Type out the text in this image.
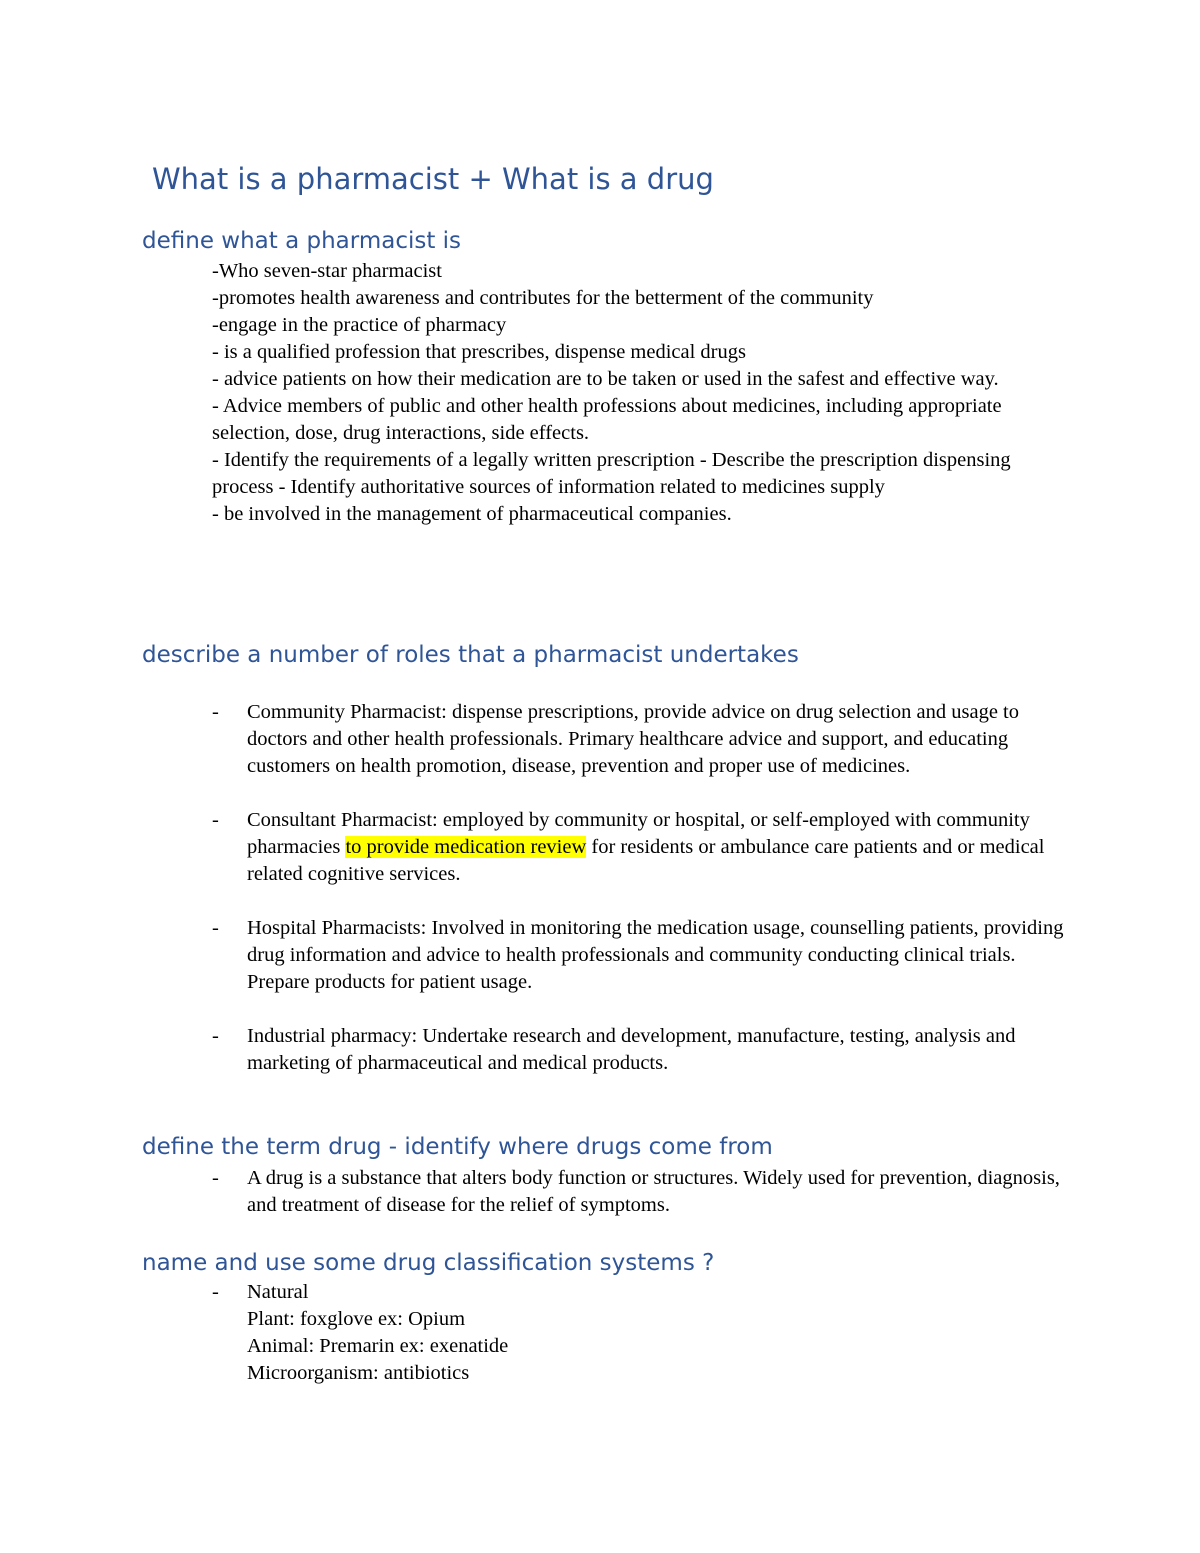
What is a pharmacist + What is a drug
define what a pharmacist is
-Who seven-star pharmacist
-promotes health awareness and contributes for the betterment of the community
-engage in the practice of pharmacy
- is a qualified profession that prescribes, dispense medical drugs
- advice patients on how their medication are to be taken or used in the safest and effective way.
- Advice members of public and other health professions about medicines, including appropriate selection, dose, drug interactions, side effects.
- Identify the requirements of a legally written prescription - Describe the prescription dispensing process - Identify authoritative sources of information related to medicines supply
- be involved in the management of pharmaceutical companies.
describe a number of roles that a pharmacist undertakes
- Community Pharmacist: dispense prescriptions, provide advice on drug selection and usage to doctors and other health professionals. Primary healthcare advice and support, and educating customers on health promotion, disease, prevention and proper use of medicines.
- Consultant Pharmacist: employed by community or hospital, or self-employed with community pharmacies to provide medication review for residents or ambulance care patients and or medical related cognitive services.
- Hospital Pharmacists: Involved in monitoring the medication usage, counselling patients, providing drug information and advice to health professionals and community conducting clinical trials. Prepare products for patient usage.
- Industrial pharmacy: Undertake research and development, manufacture, testing, analysis and marketing of pharmaceutical and medical products.
define the term drug - identify where drugs come from
- A drug is a substance that alters body function or structures. Widely used for prevention, diagnosis, and treatment of disease for the relief of symptoms.
name and use some drug classification systems ?
- Natural
Plant: foxglove ex: Opium
Animal: Premarin ex: exenatide
Microorganism: antibiotics
